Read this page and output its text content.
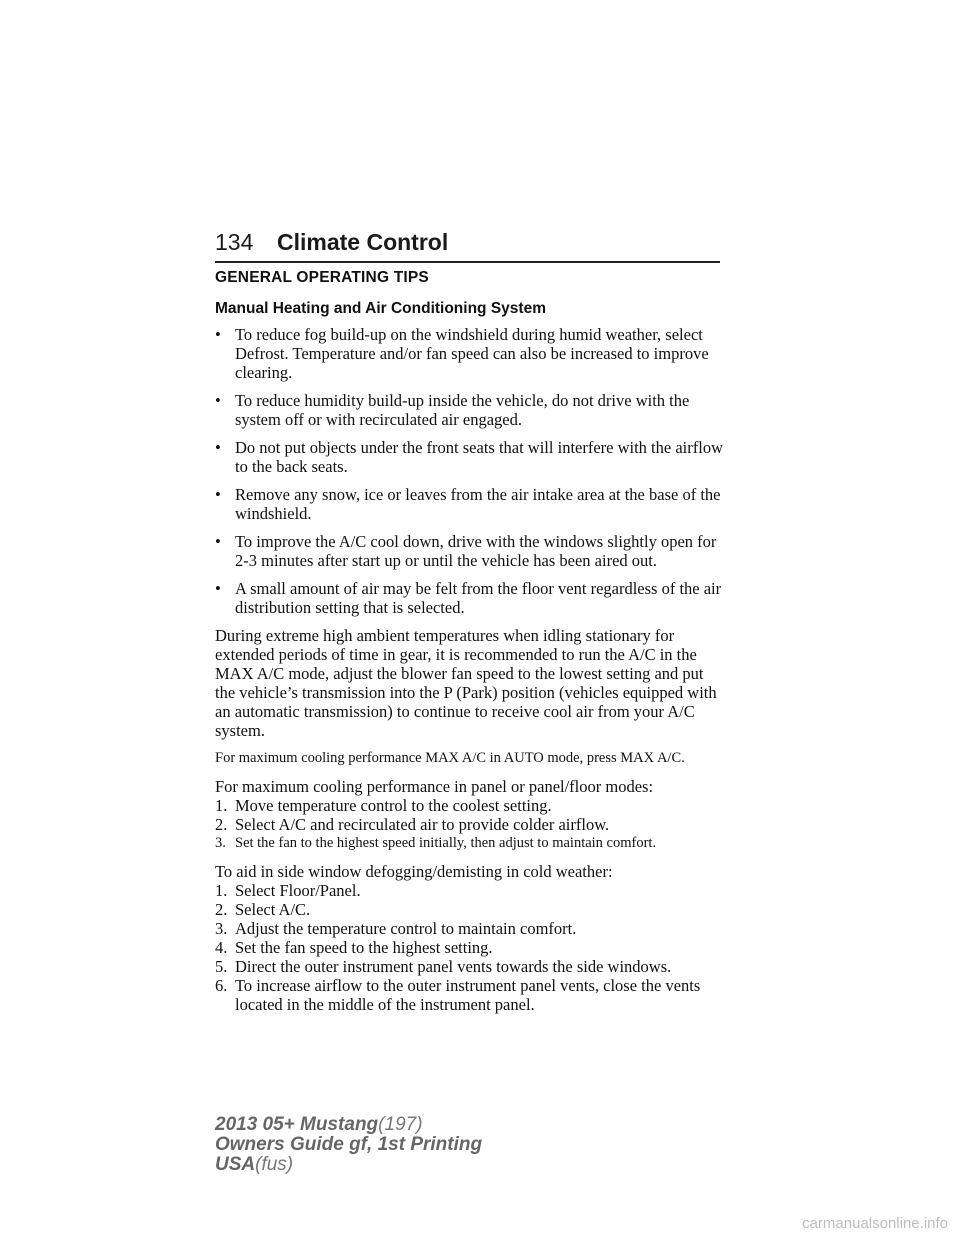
134 Climate Control
GENERAL OPERATING TIPS
Manual Heating and Air Conditioning System
• To reduce fog build-up on the windshield during humid weather, select Defrost. Temperature and/or fan speed can also be increased to improve clearing.
• To reduce humidity build-up inside the vehicle, do not drive with the system off or with recirculated air engaged.
• Do not put objects under the front seats that will interfere with the airflow to the back seats.
• Remove any snow, ice or leaves from the air intake area at the base of the windshield.
• To improve the A/C cool down, drive with the windows slightly open for 2-3 minutes after start up or until the vehicle has been aired out.
• A small amount of air may be felt from the floor vent regardless of the air distribution setting that is selected.

During extreme high ambient temperatures when idling stationary for extended periods of time in gear, it is recommended to run the A/C in the MAX A/C mode, adjust the blower fan speed to the lowest setting and put the vehicle’s transmission into the P (Park) position (vehicles equipped with an automatic transmission) to continue to receive cool air from your A/C system.

For maximum cooling performance MAX A/C in AUTO mode, press MAX A/C.

For maximum cooling performance in panel or panel/floor modes:
1. Move temperature control to the coolest setting.
2. Select A/C and recirculated air to provide colder airflow.
3. Set the fan to the highest speed initially, then adjust to maintain comfort.
To aid in side window defogging/demisting in cold weather:
1. Select Floor/Panel.
2. Select A/C.
3. Adjust the temperature control to maintain comfort.
4. Set the fan speed to the highest setting.
5. Direct the outer instrument panel vents towards the side windows.
6. To increase airflow to the outer instrument panel vents, close the vents located in the middle of the instrument panel.
2013 05+ Mustang(197)
Owners Guide gf, 1st Printing
USA(fus)
carmanualsonline.info
